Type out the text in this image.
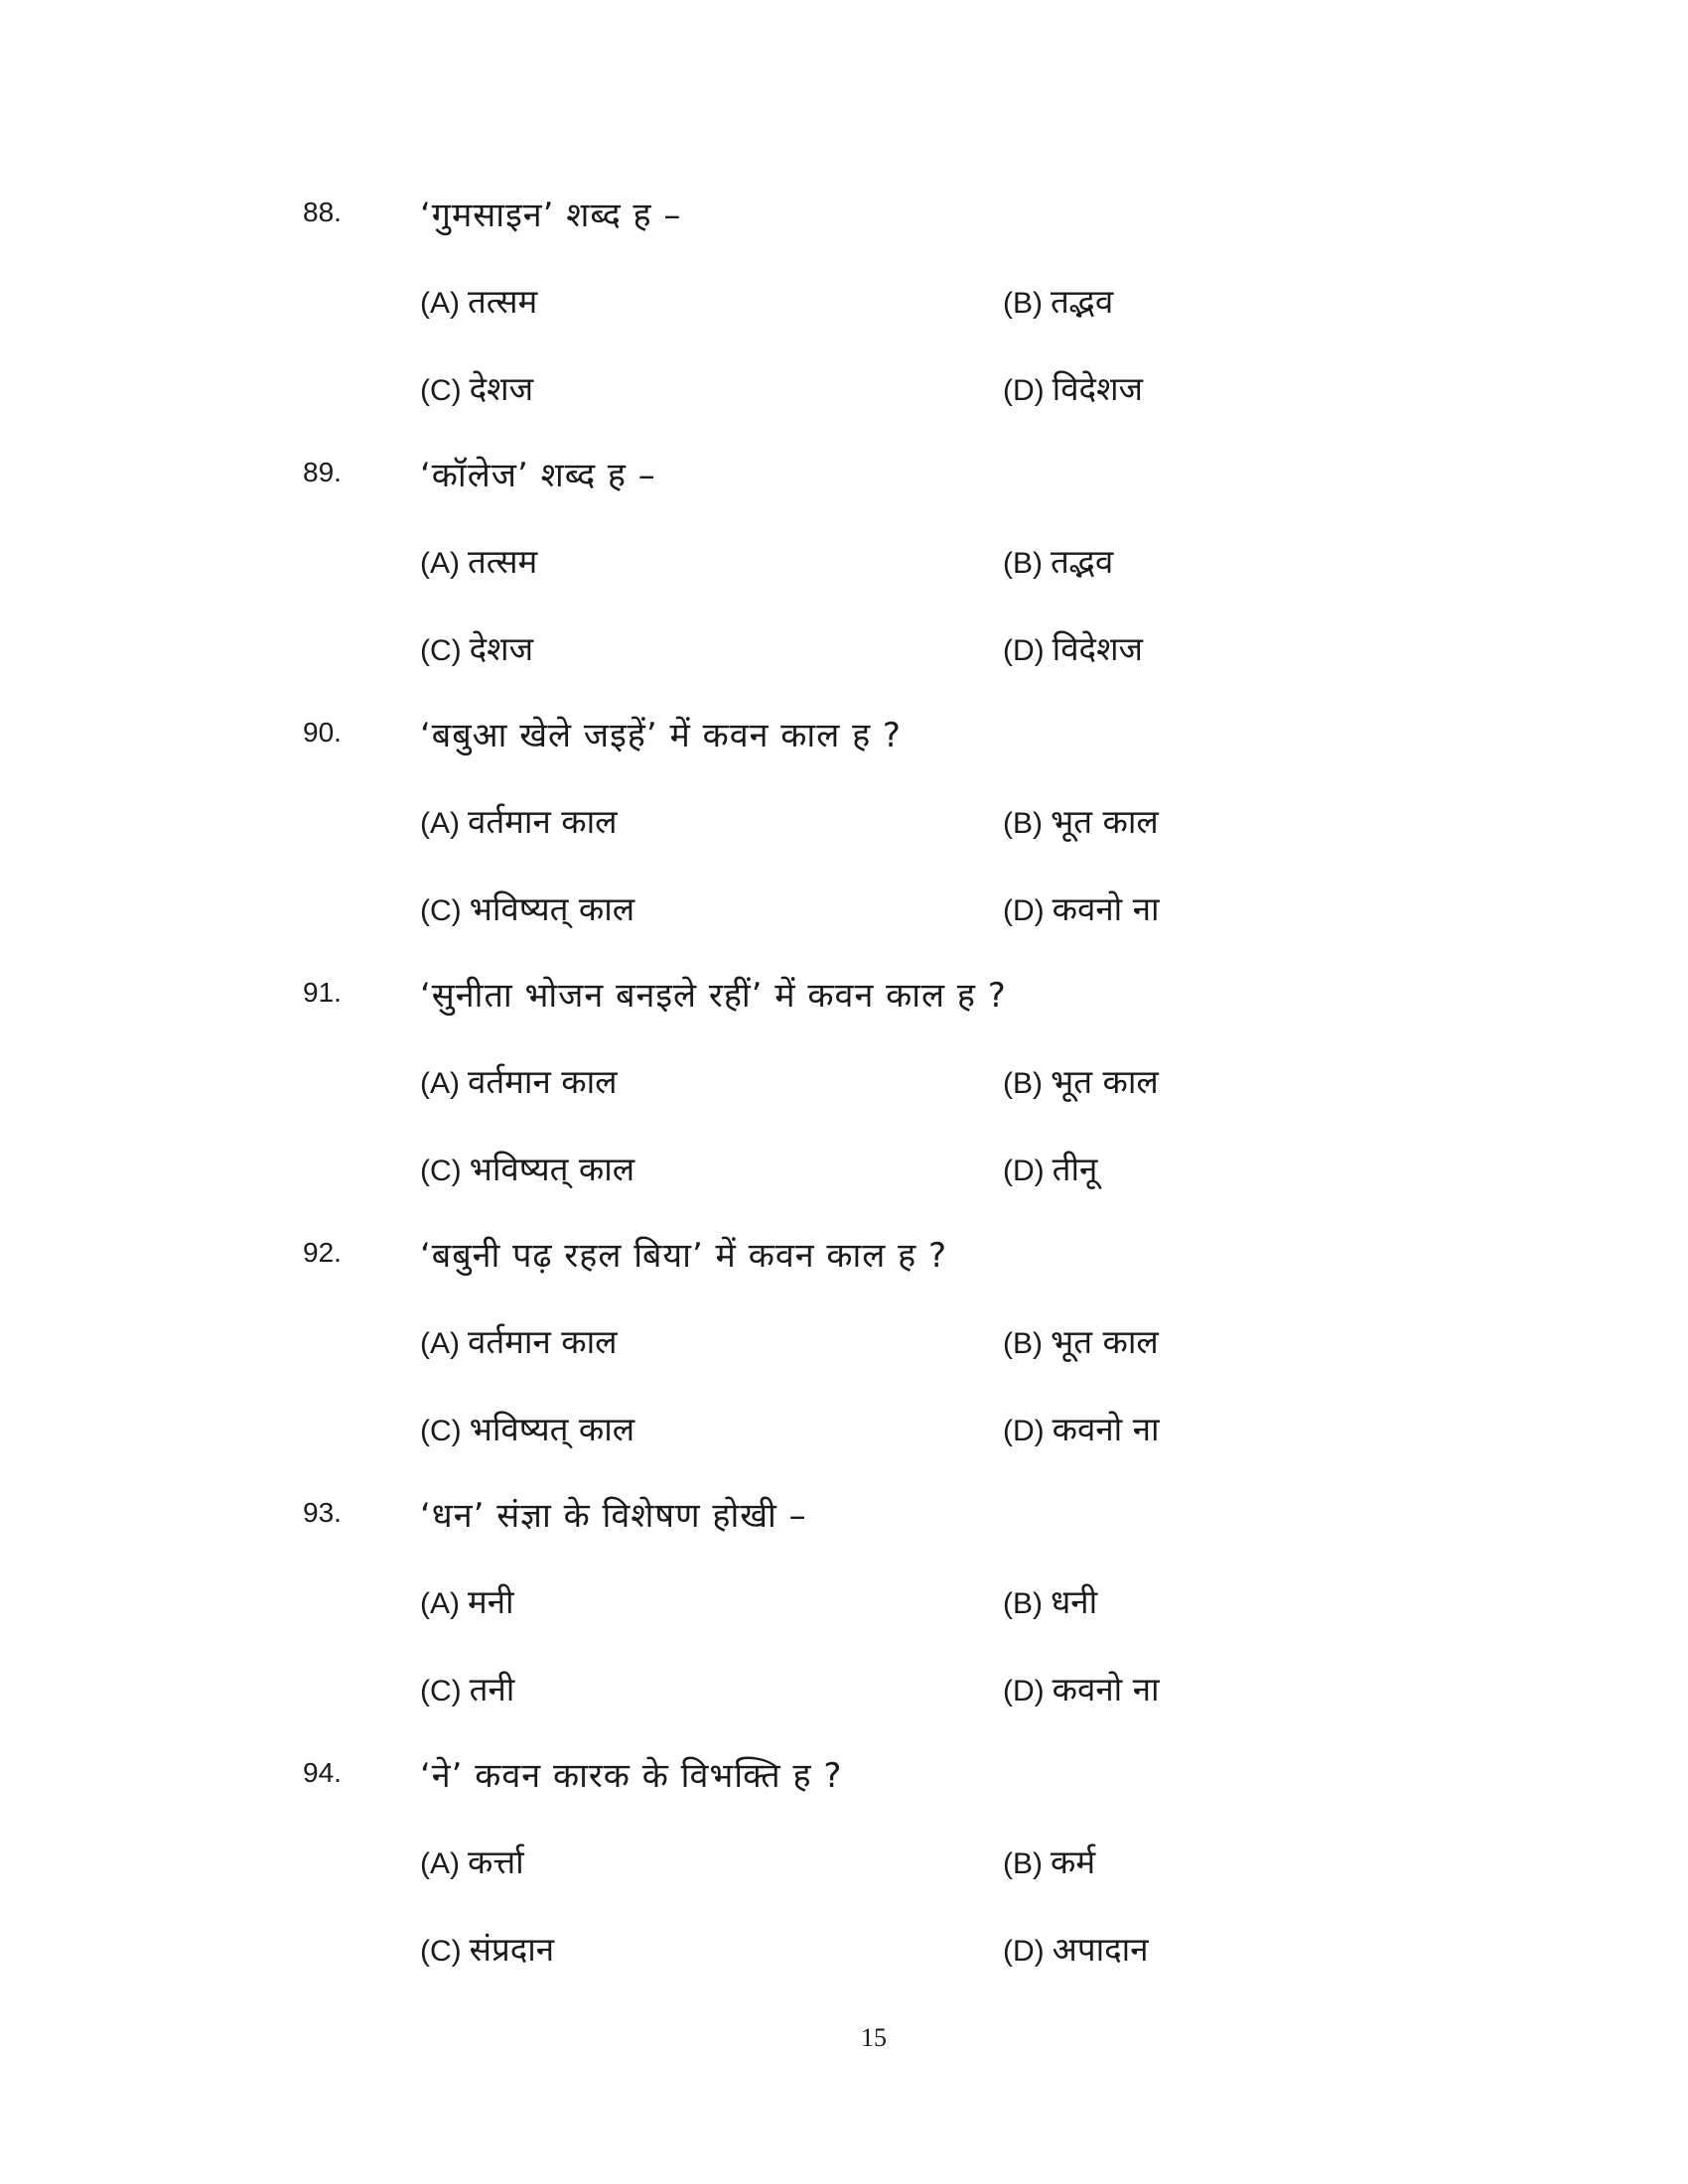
88. ‘गुमसाइन’ शब्द ह –
(A) तत्सम	(B) तद्भव
(C) देशज	(D) विदेशज
89. ‘कॉलेज’ शब्द ह –
(A) तत्सम	(B) तद्भव
(C) देशज	(D) विदेशज
90. ‘बबुआ खेले जइहें’ में कवन काल ह ?
(A) वर्तमान काल	(B) भूत काल
(C) भविष्यत् काल	(D) कवनो ना
91. ‘सुनीता भोजन बनइले रहीं’ में कवन काल ह ?
(A) वर्तमान काल	(B) भूत काल
(C) भविष्यत् काल	(D) तीनू
92. ‘बबुनी पढ़ रहल बिया’ में कवन काल ह ?
(A) वर्तमान काल	(B) भूत काल
(C) भविष्यत् काल	(D) कवनो ना
93. ‘धन’ संज्ञा के विशेषण होखी –
(A) मनी	(B) धनी
(C) तनी	(D) कवनो ना
94. ‘ने’ कवन कारक के विभक्ति ह ?
(A) कर्त्ता	(B) कर्म
(C) संप्रदान	(D) अपादान
15
